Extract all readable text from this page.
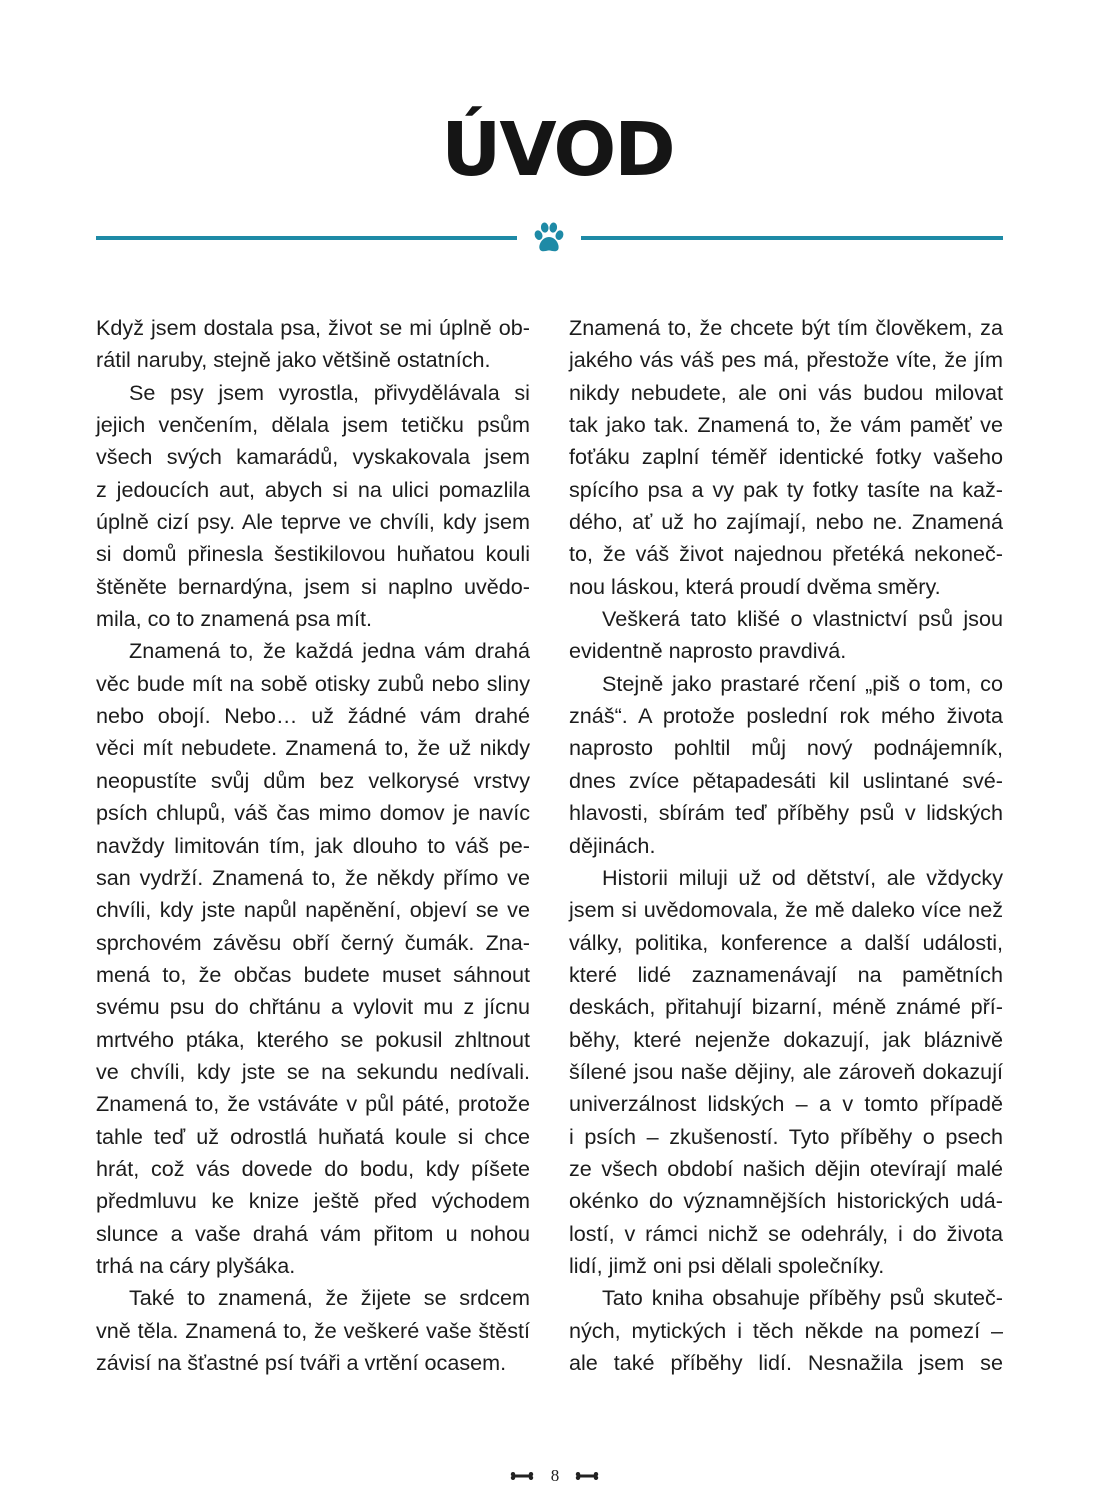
ÚVOD

Když jsem dostala psa, život se mi úplně ob-
rátil naruby, stejně jako většině ostatních.

Se psy jsem vyrostla, přivydělávala si
jejich venčením, dělala jsem tetičku psům
všech svých kamarádů, vyskakovala jsem
z jedoucích aut, abych si na ulici pomazlila
úplně cizí psy. Ale teprve ve chvíli, kdy jsem
si domů přinesla šestikilovou huňatou kouli
štěněte bernardýna, jsem si naplno uvědo-
mila, co to znamená psa mít.

Znamená to, že každá jedna vám drahá
věc bude mít na sobě otisky zubů nebo sliny
nebo obojí. Nebo… už žádné vám drahé
věci mít nebudete. Znamená to, že už nikdy
neopustíte svůj dům bez velkorysé vrstvy
psích chlupů, váš čas mimo domov je navíc
navždy limitován tím, jak dlouho to váš pe-
san vydrží. Znamená to, že někdy přímo ve
chvíli, kdy jste napůl napěnění, objeví se ve
sprchovém závěsu obří černý čumák. Zna-
mená to, že občas budete muset sáhnout
svému psu do chřtánu a vylovit mu z jícnu
mrtvého ptáka, kterého se pokusil zhltnout
ve chvíli, kdy jste se na sekundu nedívali.
Znamená to, že vstáváte v půl páté, protože
tahle teď už odrostlá huňatá koule si chce
hrát, což vás dovede do bodu, kdy píšete
předmluvu ke knize ještě před východem
slunce a vaše drahá vám přitom u nohou
trhá na cáry plyšáka.

Také to znamená, že žijete se srdcem
vně těla. Znamená to, že veškeré vaše štěstí
závisí na šťastné psí tváři a vrtění ocasem.

Znamená to, že chcete být tím člověkem, za
jakého vás váš pes má, přestože víte, že jím
nikdy nebudete, ale oni vás budou milovat
tak jako tak. Znamená to, že vám paměť ve
foťáku zaplní téměř identické fotky vašeho
spícího psa a vy pak ty fotky tasíte na kaž-
dého, ať už ho zajímají, nebo ne. Znamená
to, že váš život najednou přetéká nekoneč-
nou láskou, která proudí dvěma směry.

Veškerá tato klišé o vlastnictví psů jsou
evidentně naprosto pravdivá.

Stejně jako prastaré rčení „piš o tom, co
znáš“. A protože poslední rok mého života
naprosto pohltil můj nový podnájemník,
dnes zvíce pětapadesáti kil uslintané své-
hlavosti, sbírám teď příběhy psů v lidských
dějinách.

Historii miluji už od dětství, ale vždycky
jsem si uvědomovala, že mě daleko více než
války, politika, konference a další události,
které lidé zaznamenávají na pamětních
deskách, přitahují bizarní, méně známé pří-
běhy, které nejenže dokazují, jak bláznivě
šílené jsou naše dějiny, ale zároveň dokazují
univerzálnost lidských – a v tomto případě
i psích – zkušeností. Tyto příběhy o psech
ze všech období našich dějin otevírají malé
okénko do významnějších historických udá-
lostí, v rámci nichž se odehrály, i do života
lidí, jimž oni psi dělali společníky.

Tato kniha obsahuje příběhy psů skuteč-
ných, mytických i těch někde na pomezí –
ale také příběhy lidí. Nesnažila jsem se

8
